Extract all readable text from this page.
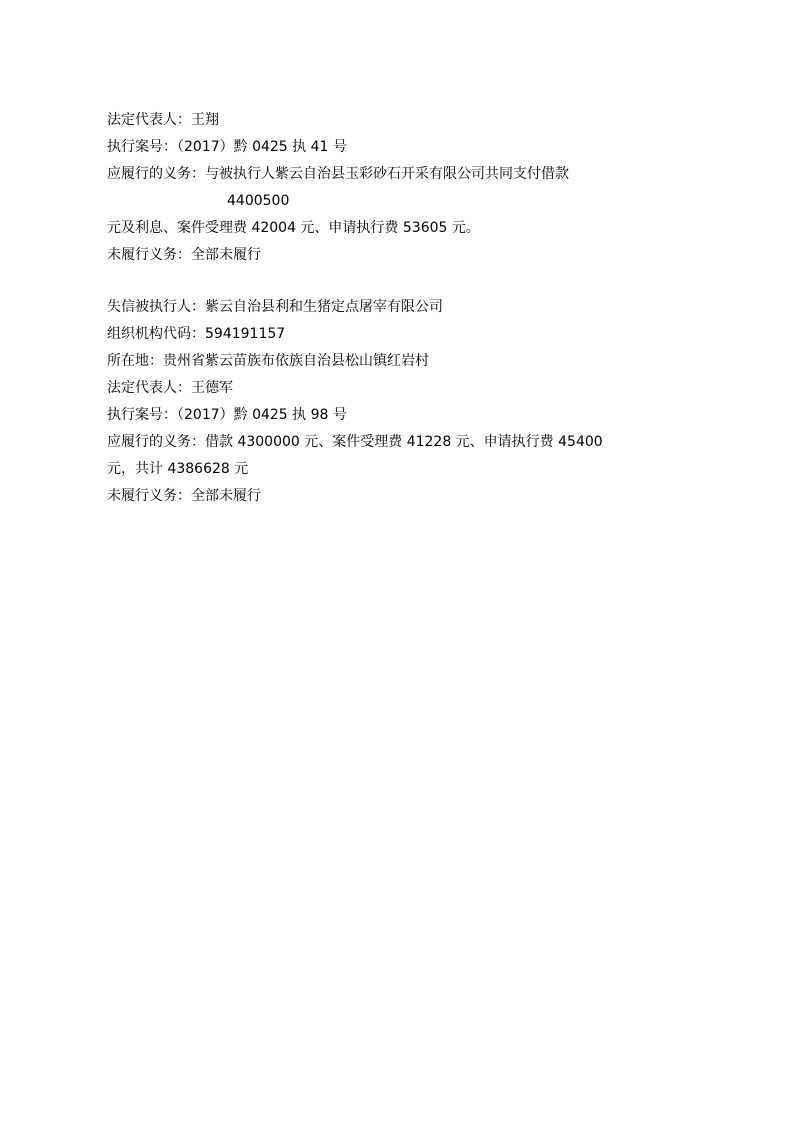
法定代表人：王翔
执行案号：（2017）黔 0425 执 41 号
应履行的义务：与被执行人紫云自治县玉彩砂石开采有限公司共同支付借款
4400500
元及利息、案件受理费 42004 元、申请执行费 53605 元。
未履行义务：全部未履行
失信被执行人：紫云自治县利和生猪定点屠宰有限公司
组织机构代码：594191157
所在地：贵州省紫云苗族布依族自治县松山镇红岩村
法定代表人：王德军
执行案号：（2017）黔 0425 执 98 号
应履行的义务：借款 4300000 元、案件受理费 41228 元、申请执行费 45400
元，共计 4386628 元
未履行义务：全部未履行
